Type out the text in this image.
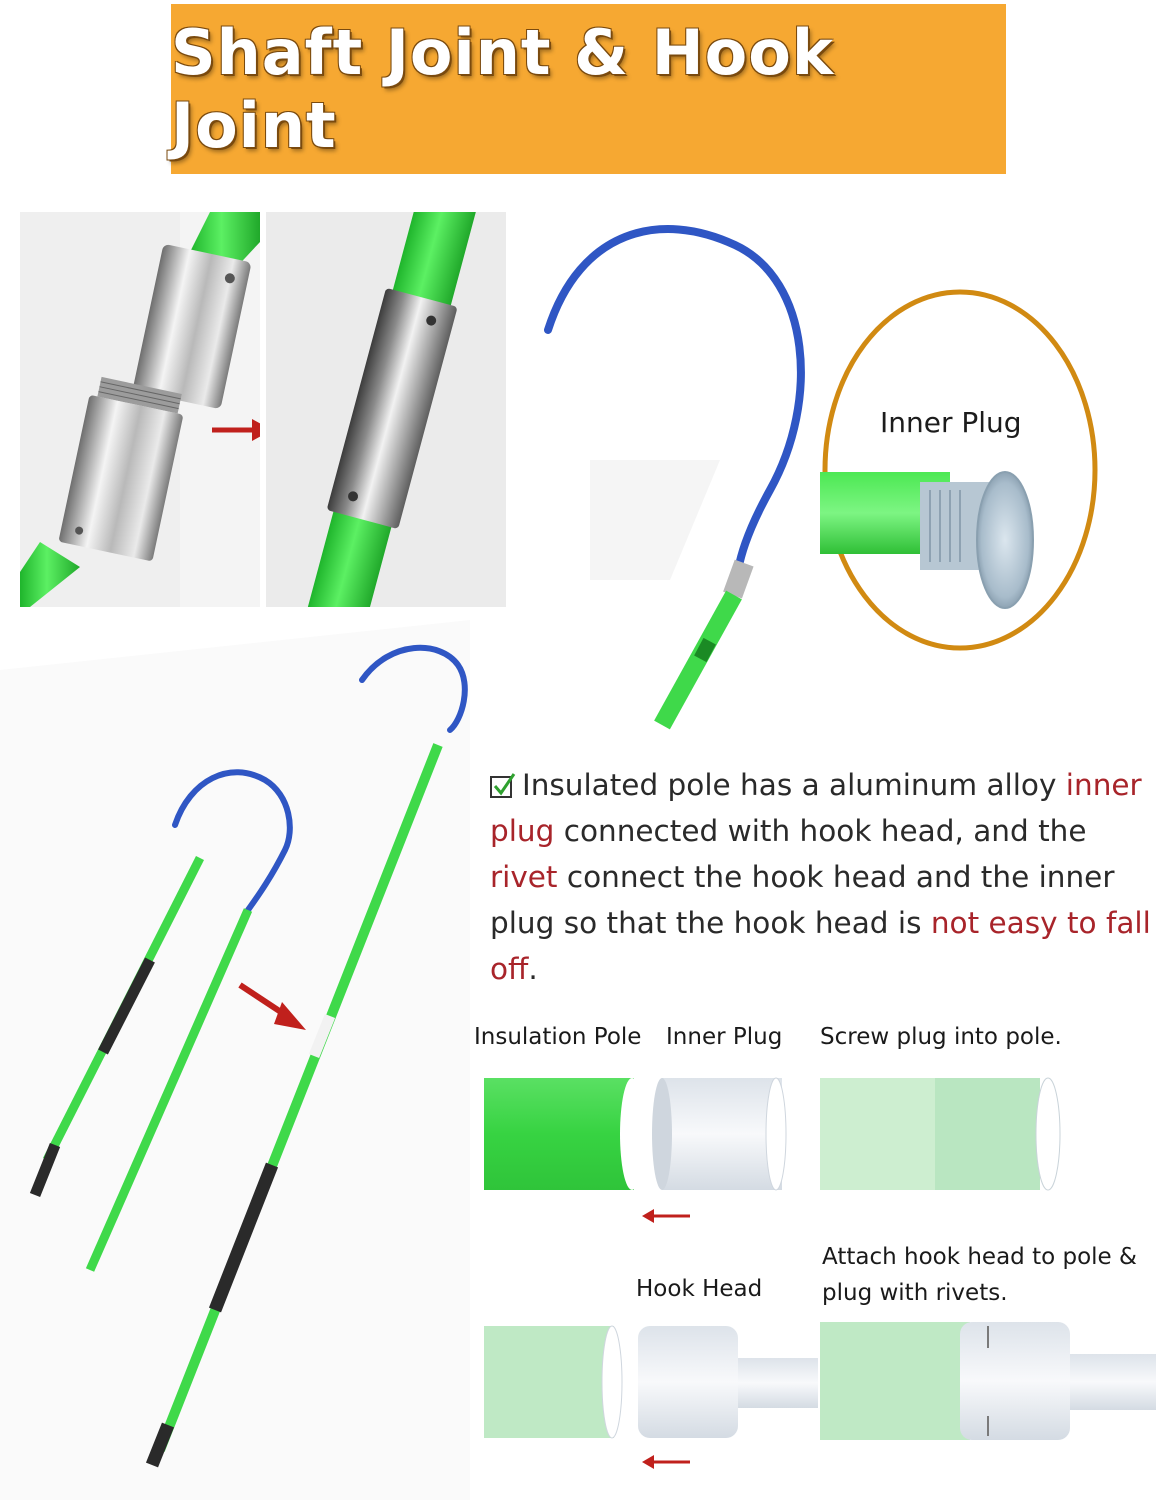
Shaft Joint & Hook Joint
Inner Plug
Insulated pole has a aluminum alloy inner plug connected with hook head, and the rivet connect the hook head and the inner plug so that the hook head is not easy to fall off.
Insulation Pole Inner Plug Screw plug into pole.
Hook Head
Attach hook head to pole &
plug with rivets.
